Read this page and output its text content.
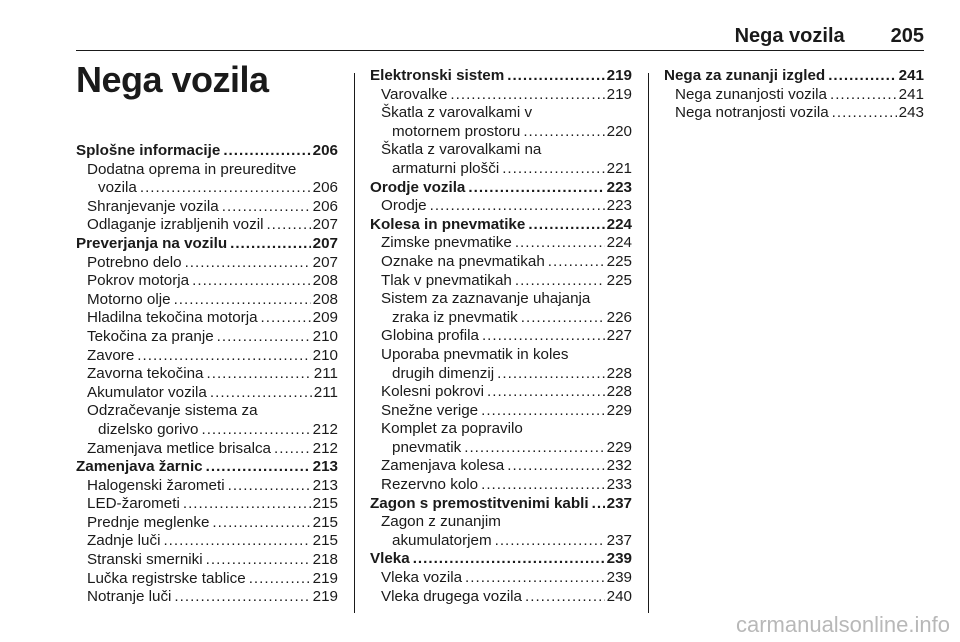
Nega vozila 205
Nega vozila
Splošne informacije .....	206
Dodatna oprema in preureditve
vozila .....	206
Shranjevanje vozila .....	206
Odlaganje izrabljenih vozil .....	207
Preverjanja na vozilu .....	207
Potrebno delo .....	207
Pokrov motorja .....	208
Motorno olje .....	208
Hladilna tekočina motorja .....	209
Tekočina za pranje .....	210
Zavore .....	210
Zavorna tekočina .....	211
Akumulator vozila .....	211
Odzračevanje sistema za
dizelsko gorivo .....	212
Zamenjava metlice brisalca .....	212
Zamenjava žarnic .....	213
Halogenski žarometi .....	213
LED-žarometi .....	215
Prednje meglenke .....	215
Zadnje luči .....	215
Stranski smerniki .....	218
Lučka registrske tablice .....	219
Notranje luči .....	219
Elektronski sistem .....	219
Varovalke .....	219
Škatla z varovalkami v
motornem prostoru .....	220
Škatla z varovalkami na
armaturni plošči .....	221
Orodje vozila .....	223
Orodje .....	223
Kolesa in pnevmatike .....	224
Zimske pnevmatike .....	224
Oznake na pnevmatikah .....	225
Tlak v pnevmatikah .....	225
Sistem za zaznavanje uhajanja
zraka iz pnevmatik .....	226
Globina profila .....	227
Uporaba pnevmatik in koles
drugih dimenzij .....	228
Kolesni pokrovi .....	228
Snežne verige .....	229
Komplet za popravilo
pnevmatik .....	229
Zamenjava kolesa .....	232
Rezervno kolo .....	233
Zagon s premostitvenimi kabli ..... 237
Zagon z zunanjim
akumulatorjem .....	237
Vleka .....	239
Vleka vozila .....	239
Vleka drugega vozila .....	240
Nega za zunanji izgled .....	241
Nega zunanjosti vozila .....	241
Nega notranjosti vozila .....	243
carmanualsonline.info
